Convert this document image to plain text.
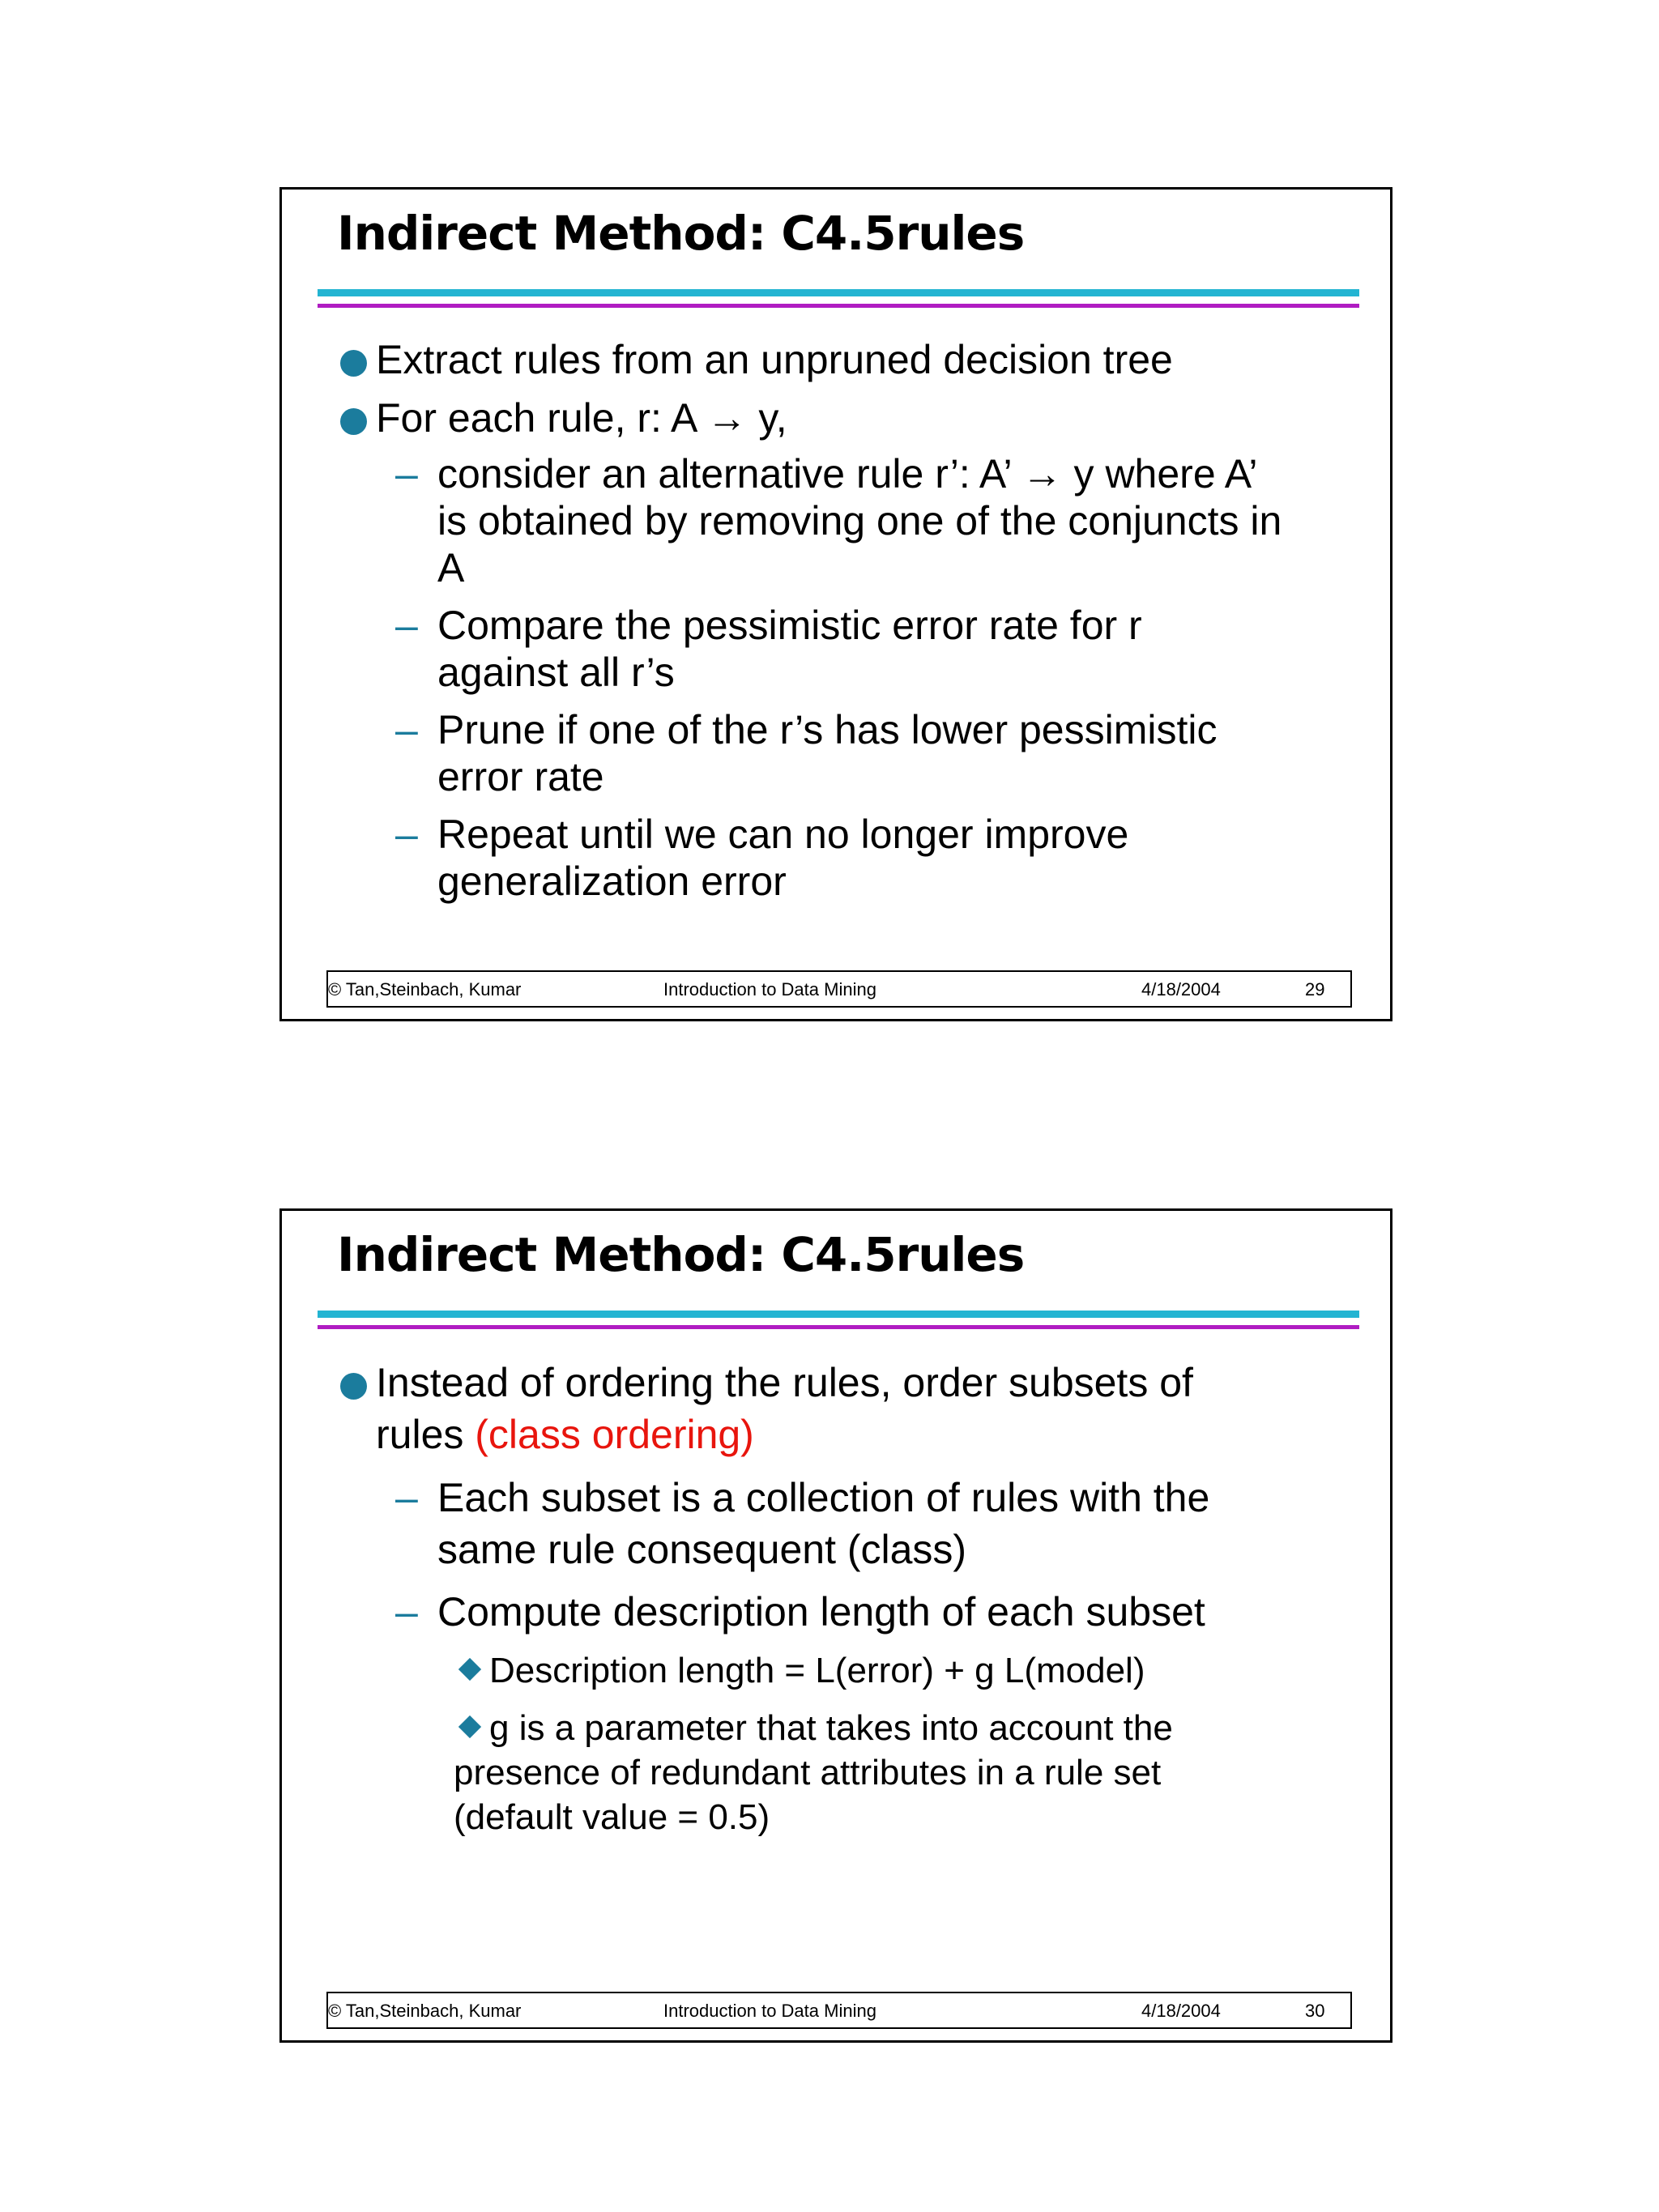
Indirect Method: C4.5rules
Extract rules from an unpruned decision tree
For each rule, r: A → y,
– consider an alternative rule r’: A’ → y where A’ is obtained by removing one of the conjuncts in A
– Compare the pessimistic error rate for r against all r’s
– Prune if one of the r’s has lower pessimistic error rate
– Repeat until we can no longer improve generalization error
© Tan,Steinbach, Kumar	Introduction to Data Mining	4/18/2004	29
Indirect Method: C4.5rules
Instead of ordering the rules, order subsets of rules (class ordering)
– Each subset is a collection of rules with the same rule consequent (class)
– Compute description length of each subset
Description length = L(error) + g L(model)
g is a parameter that takes into account the presence of redundant attributes in a rule set (default value = 0.5)
© Tan,Steinbach, Kumar	Introduction to Data Mining	4/18/2004	30
